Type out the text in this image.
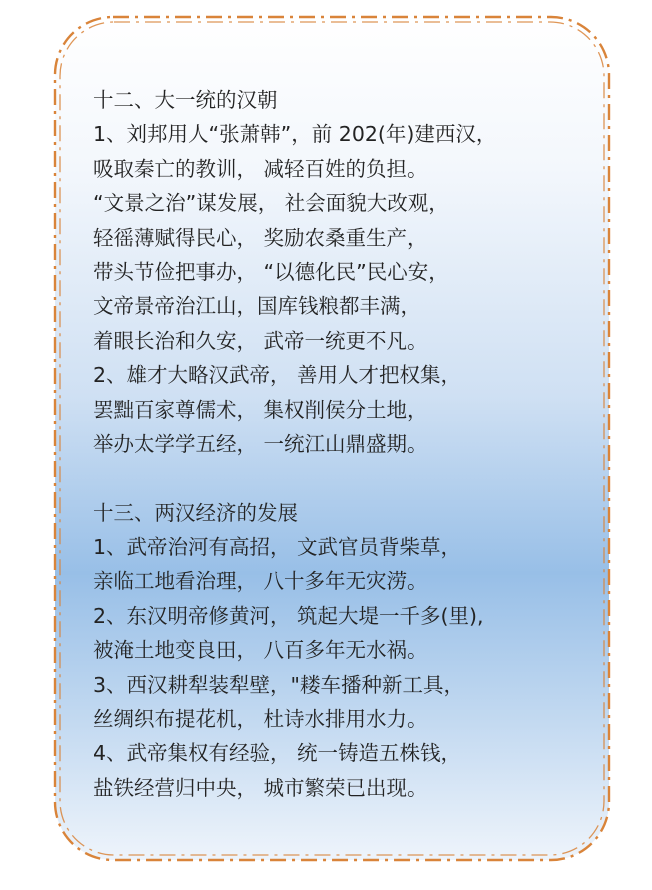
十二、大一统的汉朝

1、刘邦用人“张萧韩”，前 202(年)建西汉，

吸取秦亡的教训， 减轻百姓的负担。

“文景之治”谋发展， 社会面貌大改观，

轻徭薄赋得民心， 奖励农桑重生产，

带头节俭把事办， “以德化民”民心安，

文帝景帝治江山，国库钱粮都丰满，

着眼长治和久安， 武帝一统更不凡。

2、雄才大略汉武帝， 善用人才把权集，

罢黜百家尊儒术， 集权削侯分土地，

举办太学学五经， 一统江山鼎盛期。

十三、两汉经济的发展

1、武帝治河有高招， 文武官员背柴草，

亲临工地看治理， 八十多年无灾涝。

2、东汉明帝修黄河， 筑起大堤一千多(里),

被淹土地变良田， 八百多年无水祸。

3、西汉耕犁装犁壁，"耧车播种新工具，

丝绸织布提花机， 杜诗水排用水力。

4、武帝集权有经验， 统一铸造五株钱，

盐铁经营归中央， 城市繁荣已出现。
